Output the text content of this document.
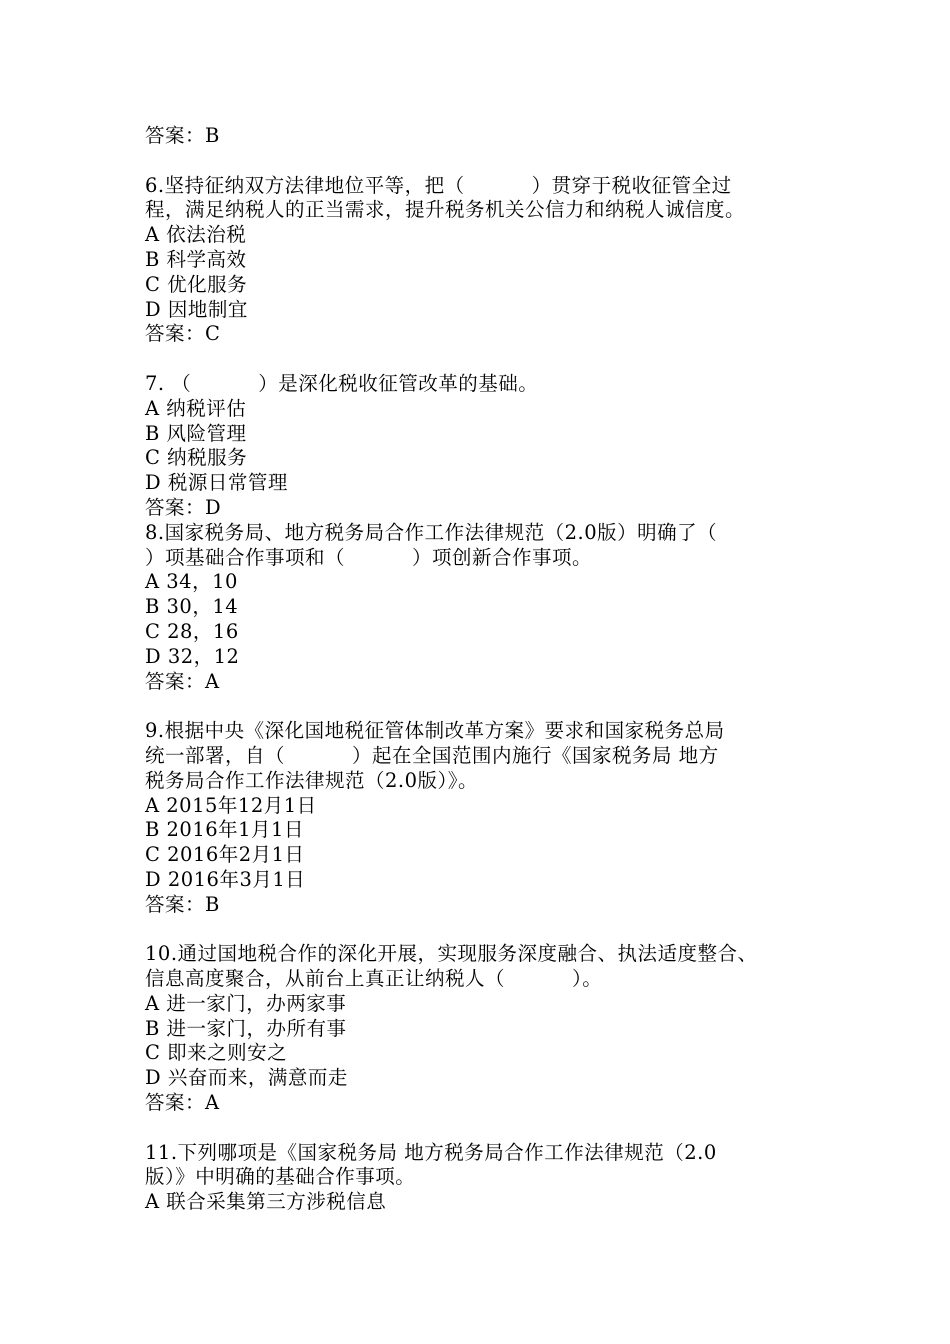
答案：B
6.坚持征纳双方法律地位平等，把（          ）贯穿于税收征管全过
程，满足纳税人的正当需求，提升税务机关公信力和纳税人诚信度。
A 依法治税
B 科学高效
C 优化服务
D 因地制宜
答案：C
7. （          ）是深化税收征管改革的基础。
A 纳税评估
B 风险管理
C 纳税服务
D 税源日常管理
答案：D
8.国家税务局、地方税务局合作工作法律规范（2.0版）明确了（
）项基础合作事项和（          ）项创新合作事项。
A 34，10
B 30，14
C 28，16
D 32，12
答案：A
9.根据中央《深化国地税征管体制改革方案》要求和国家税务总局
统一部署，自（          ）起在全国范围内施行《国家税务局 地方
税务局合作工作法律规范（2.0版）》。
A 2015年12月1日
B 2016年1月1日
C 2016年2月1日
D 2016年3月1日
答案：B
10.通过国地税合作的深化开展，实现服务深度融合、执法适度整合、
信息高度聚合，从前台上真正让纳税人（          ）。
A 进一家门，办两家事
B 进一家门，办所有事
C 即来之则安之
D 兴奋而来，满意而走
答案：A
11.下列哪项是《国家税务局 地方税务局合作工作法律规范（2.0
版）》中明确的基础合作事项。
A 联合采集第三方涉税信息
